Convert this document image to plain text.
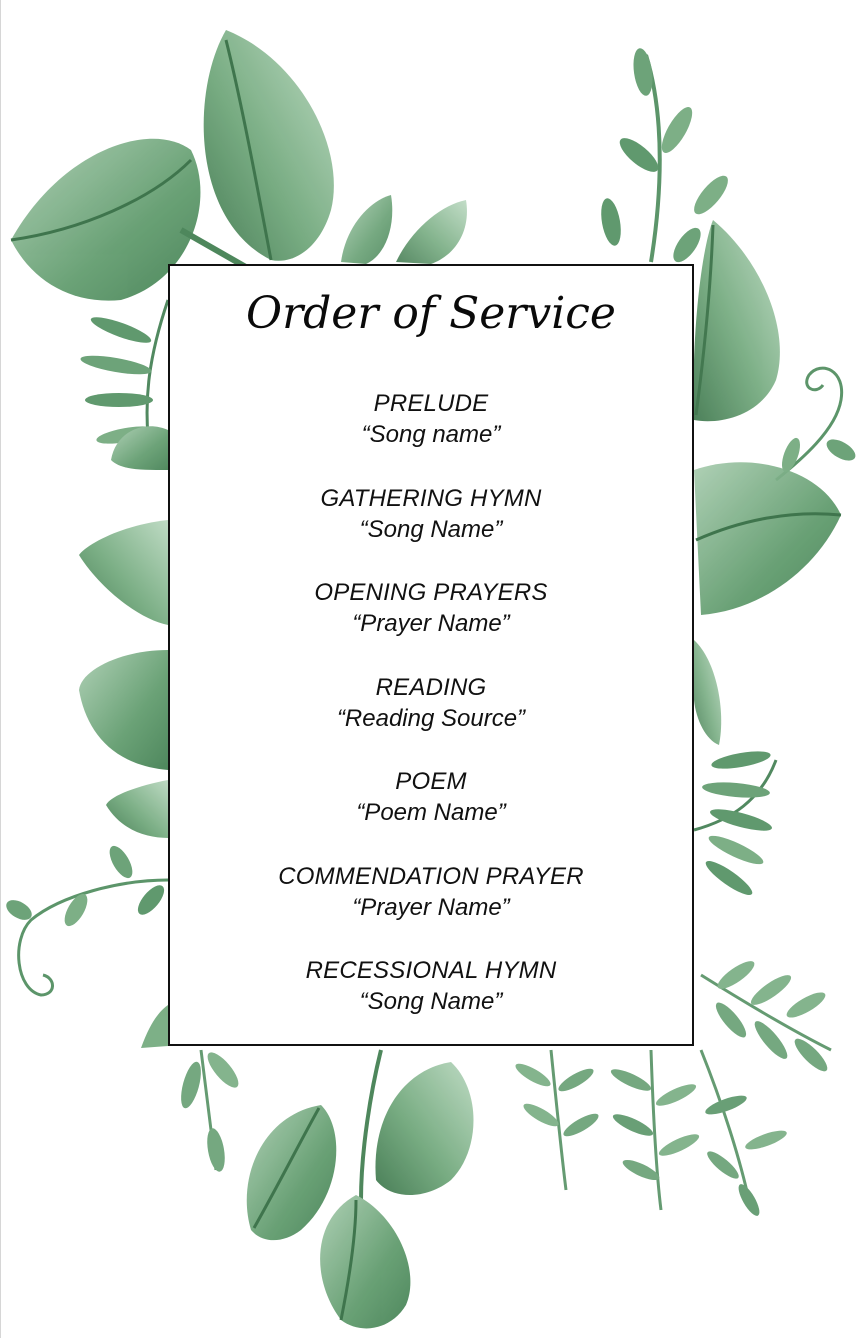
Order of Service
PRELUDE
“Song name”
GATHERING HYMN
“Song Name”
OPENING PRAYERS
“Prayer Name”
READING
“Reading Source”
POEM
“Poem Name”
COMMENDATION PRAYER
“Prayer Name”
RECESSIONAL HYMN
“Song Name”
